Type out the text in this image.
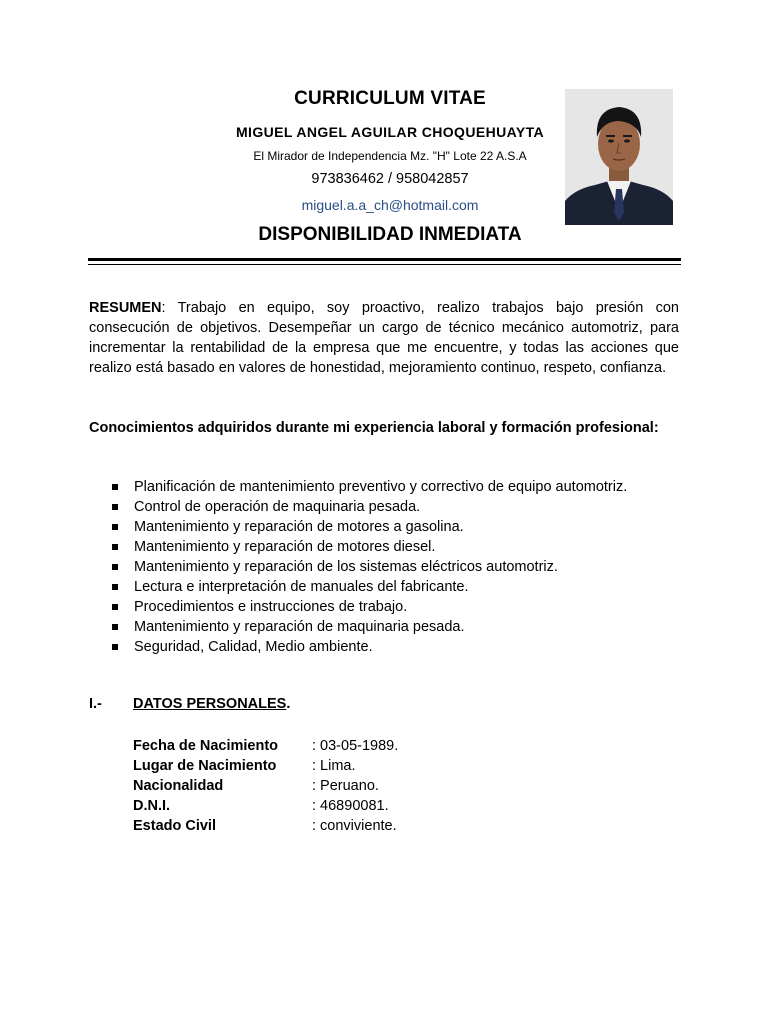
CURRICULUM VITAE
MIGUEL ANGEL AGUILAR CHOQUEHUAYTA
El Mirador de Independencia Mz. "H" Lote 22 A.S.A
973836462 / 958042857
miguel.a.a_ch@hotmail.com
DISPONIBILIDAD INMEDIATA
RESUMEN: Trabajo en equipo, soy proactivo, realizo trabajos bajo presión con consecución de objetivos. Desempeñar un cargo de técnico mecánico automotriz, para incrementar la rentabilidad de la empresa que me encuentre, y todas las acciones que realizo está basado en valores de honestidad, mejoramiento continuo, respeto, confianza.
Conocimientos adquiridos durante mi experiencia laboral y formación profesional:
Planificación de mantenimiento preventivo y correctivo de equipo automotriz.
Control de operación de maquinaria pesada.
Mantenimiento y reparación de motores a gasolina.
Mantenimiento y reparación de motores diesel.
Mantenimiento y reparación de los sistemas eléctricos automotriz.
Lectura e interpretación de manuales del fabricante.
Procedimientos e instrucciones de trabajo.
Mantenimiento y reparación de maquinaria pesada.
Seguridad, Calidad, Medio ambiente.
I.- DATOS PERSONALES.
Fecha de Nacimiento : 03-05-1989.
Lugar de Nacimiento : Lima.
Nacionalidad	: Peruano.
D.N.I.	: 46890081.
Estado Civil	: conviviente.
